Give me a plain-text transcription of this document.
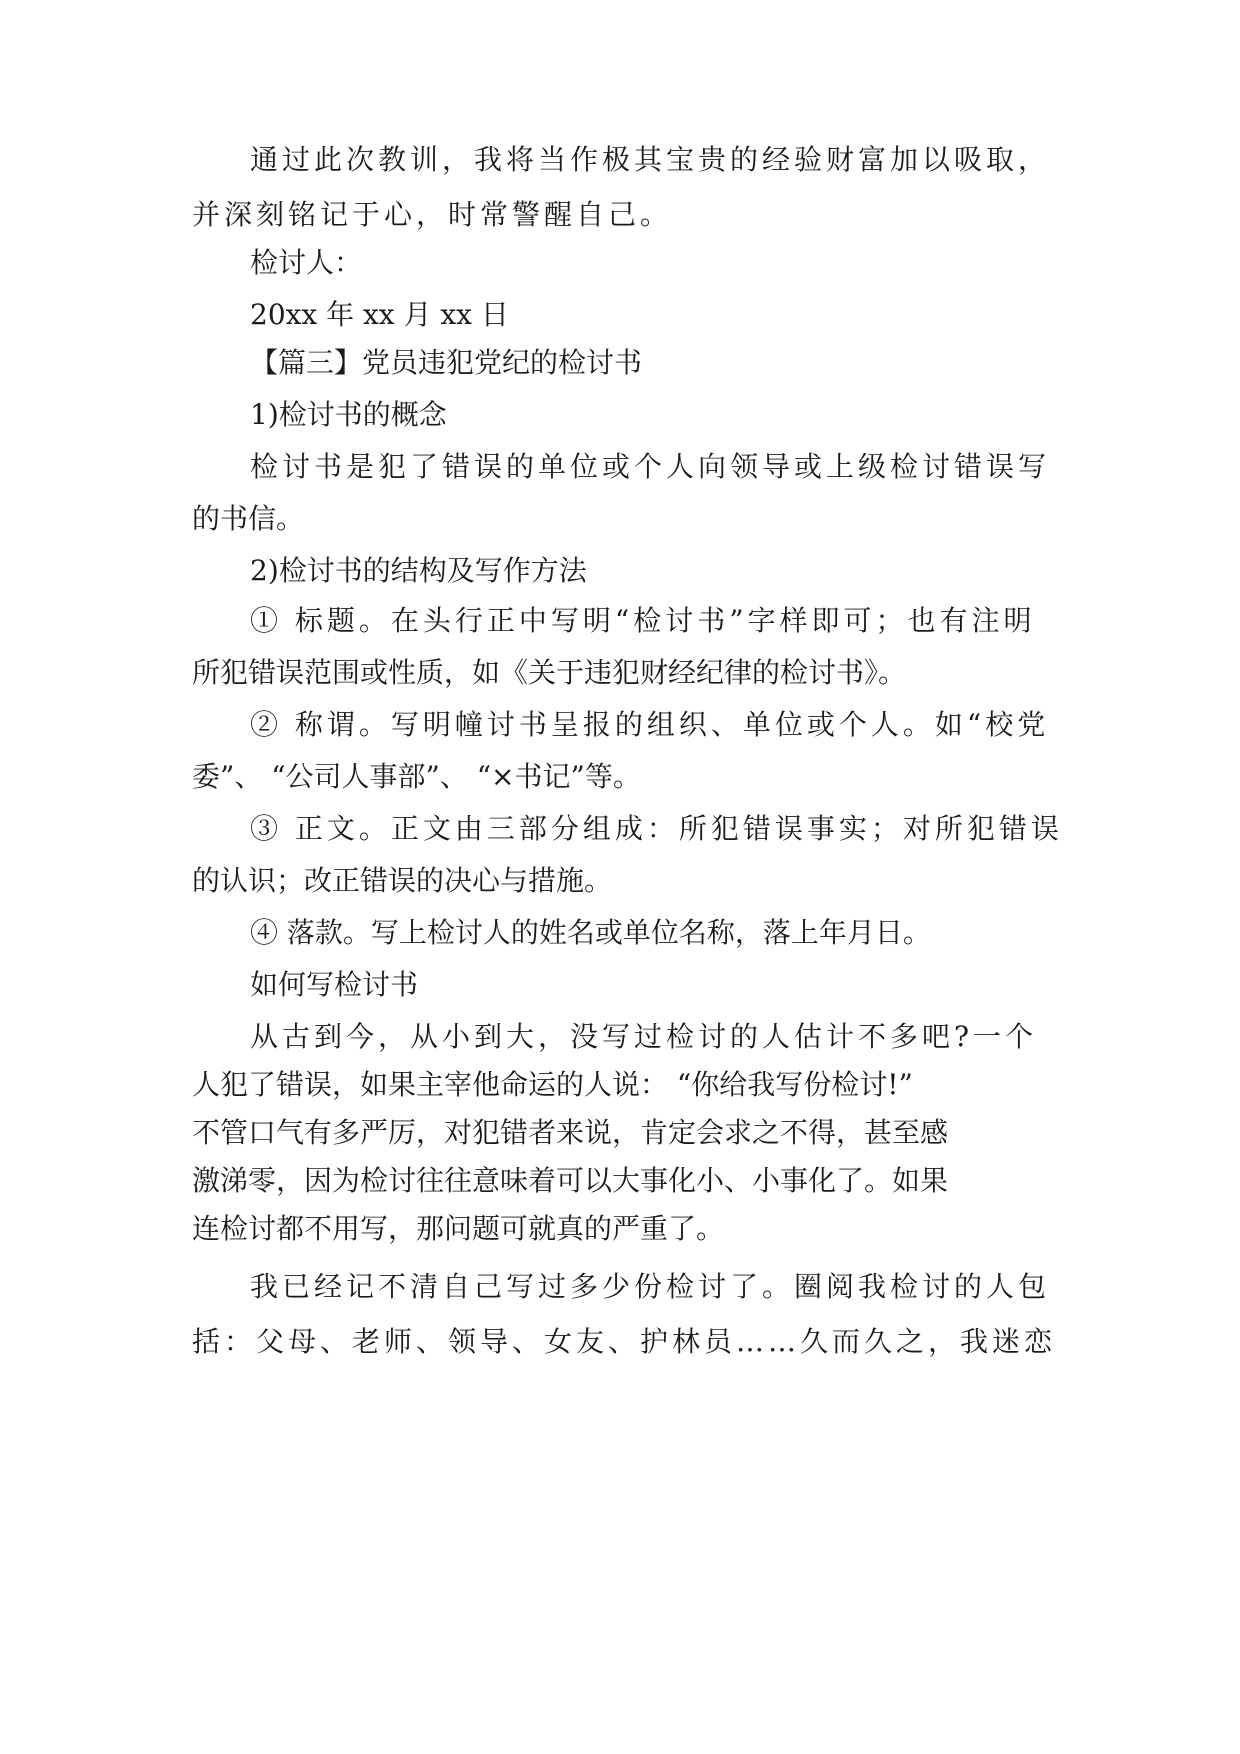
通过此次教训，我将当作极其宝贵的经验财富加以吸取，
并深刻铭记于心，时常警醒自己。
检讨人：
20xx 年 xx 月 xx 日
【篇三】党员违犯党纪的检讨书
1)检讨书的概念
检讨书是犯了错误的单位或个人向领导或上级检讨错误写
的书信。
2)检讨书的结构及写作方法
① 标题。在头行正中写明“检讨书”字样即可；也有注明
所犯错误范围或性质，如《关于违犯财经纪律的检讨书》。
② 称谓。写明幢讨书呈报的组织、单位或个人。如“校党
委”、 “公司人事部”、 “×书记”等。
③ 正文。正文由三部分组成：所犯错误事实；对所犯错误
的认识；改正错误的决心与措施。
④ 落款。写上检讨人的姓名或单位名称，落上年月日。
如何写检讨书
从古到今，从小到大，没写过检讨的人估计不多吧?一个
人犯了错误，如果主宰他命运的人说： “你给我写份检讨!”
不管口气有多严厉，对犯错者来说，肯定会求之不得，甚至感
激涕零，因为检讨往往意味着可以大事化小、小事化了。如果
连检讨都不用写，那问题可就真的严重了。
我已经记不清自己写过多少份检讨了。圈阅我检讨的人包
括：父母、老师、领导、女友、护林员……久而久之，我迷恋
